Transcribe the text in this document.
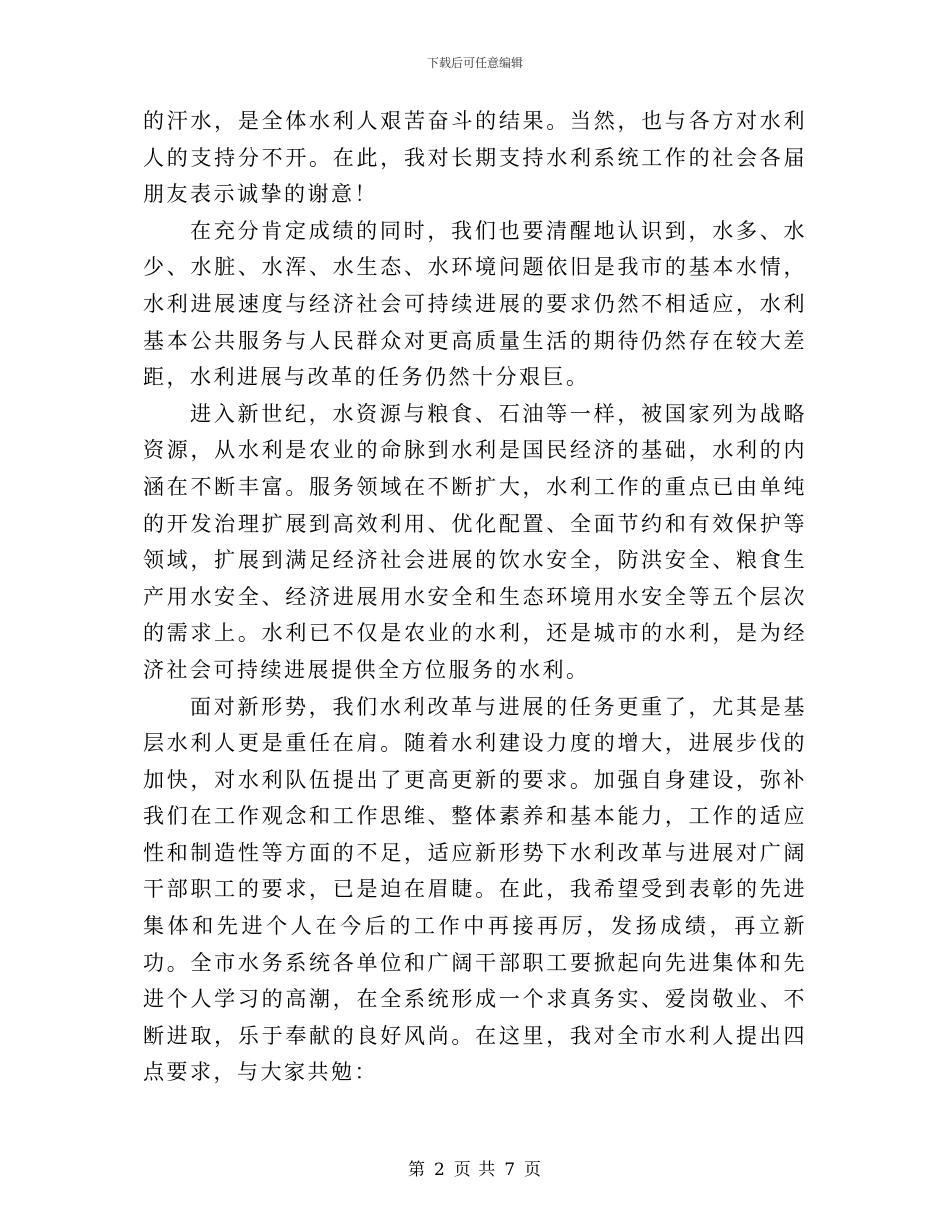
下载后可任意编辑

的汗水，是全体水利人艰苦奋斗的结果。当然，也与各方对水利人的支持分不开。在此，我对长期支持水利系统工作的社会各届朋友表示诚挚的谢意！

在充分肯定成绩的同时，我们也要清醒地认识到，水多、水少、水脏、水浑、水生态、水环境问题依旧是我市的基本水情，水利进展速度与经济社会可持续进展的要求仍然不相适应，水利基本公共服务与人民群众对更高质量生活的期待仍然存在较大差距，水利进展与改革的任务仍然十分艰巨。

进入新世纪，水资源与粮食、石油等一样，被国家列为战略资源，从水利是农业的命脉到水利是国民经济的基础，水利的内涵在不断丰富。服务领域在不断扩大，水利工作的重点已由单纯的开发治理扩展到高效利用、优化配置、全面节约和有效保护等领域，扩展到满足经济社会进展的饮水安全，防洪安全、粮食生产用水安全、经济进展用水安全和生态环境用水安全等五个层次的需求上。水利已不仅是农业的水利，还是城市的水利，是为经济社会可持续进展提供全方位服务的水利。

面对新形势，我们水利改革与进展的任务更重了，尤其是基层水利人更是重任在肩。随着水利建设力度的增大，进展步伐的加快，对水利队伍提出了更高更新的要求。加强自身建设，弥补我们在工作观念和工作思维、整体素养和基本能力，工作的适应性和制造性等方面的不足，适应新形势下水利改革与进展对广阔干部职工的要求，已是迫在眉睫。在此，我希望受到表彰的先进集体和先进个人在今后的工作中再接再厉，发扬成绩，再立新功。全市水务系统各单位和广阔干部职工要掀起向先进集体和先进个人学习的高潮，在全系统形成一个求真务实、爱岗敬业、不断进取，乐于奉献的良好风尚。在这里，我对全市水利人提出四点要求，与大家共勉：

第 2 页 共 7 页
